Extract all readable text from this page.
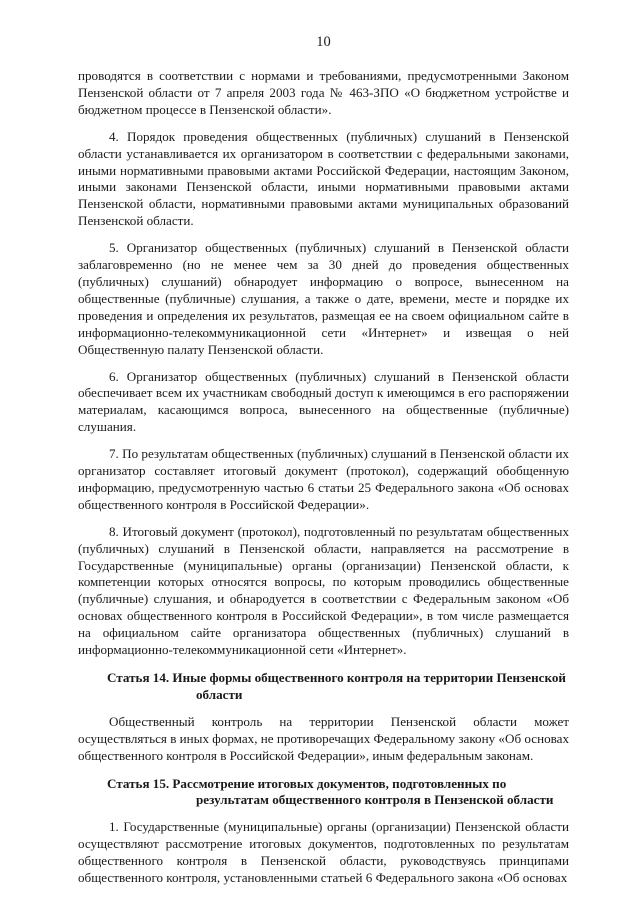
10

проводятся в соответствии с нормами и требованиями, предусмотренными Законом Пензенской области от 7 апреля 2003 года № 463-ЗПО «О бюджетном устройстве и бюджетном процессе в Пензенской области».

4. Порядок проведения общественных (публичных) слушаний в Пензенской области устанавливается их организатором в соответствии с федеральными законами, иными нормативными правовыми актами Российской Федерации, настоящим Законом, иными законами Пензенской области, иными нормативными правовыми актами Пензенской области, нормативными правовыми актами муниципальных образований Пензенской области.

5. Организатор общественных (публичных) слушаний в Пензенской области заблаговременно (но не менее чем за 30 дней до проведения общественных (публичных) слушаний) обнародует информацию о вопросе, вынесенном на общественные (публичные) слушания, а также о дате, времени, месте и порядке их проведения и определения их результатов, размещая ее на своем официальном сайте в информационно-телекоммуникационной сети «Интернет» и извещая о ней Общественную палату Пензенской области.

6. Организатор общественных (публичных) слушаний в Пензенской области обеспечивает всем их участникам свободный доступ к имеющимся в его распоряжении материалам, касающимся вопроса, вынесенного на общественные (публичные) слушания.

7. По результатам общественных (публичных) слушаний в Пензенской области их организатор составляет итоговый документ (протокол), содержащий обобщенную информацию, предусмотренную частью 6 статьи 25 Федерального закона «Об основах общественного контроля в Российской Федерации».

8. Итоговый документ (протокол), подготовленный по результатам общественных (публичных) слушаний в Пензенской области, направляется на рассмотрение в Государственные (муниципальные) органы (организации) Пензенской области, к компетенции которых относятся вопросы, по которым проводились общественные (публичные) слушания, и обнародуется в соответствии с Федеральным законом «Об основах общественного контроля в Российской Федерации», в том числе размещается на официальном сайте организатора общественных (публичных) слушаний в информационно-телекоммуникационной сети «Интернет».

Статья 14. Иные формы общественного контроля на территории Пензенской области

Общественный контроль на территории Пензенской области может осуществляться в иных формах, не противоречащих Федеральному закону «Об основах общественного контроля в Российской Федерации», иным федеральным законам.

Статья 15. Рассмотрение итоговых документов, подготовленных по результатам общественного контроля в Пензенской области

1. Государственные (муниципальные) органы (организации) Пензенской области осуществляют рассмотрение итоговых документов, подготовленных по результатам общественного контроля в Пензенской области, руководствуясь принципами общественного контроля, установленными статьей 6 Федерального закона «Об основах
